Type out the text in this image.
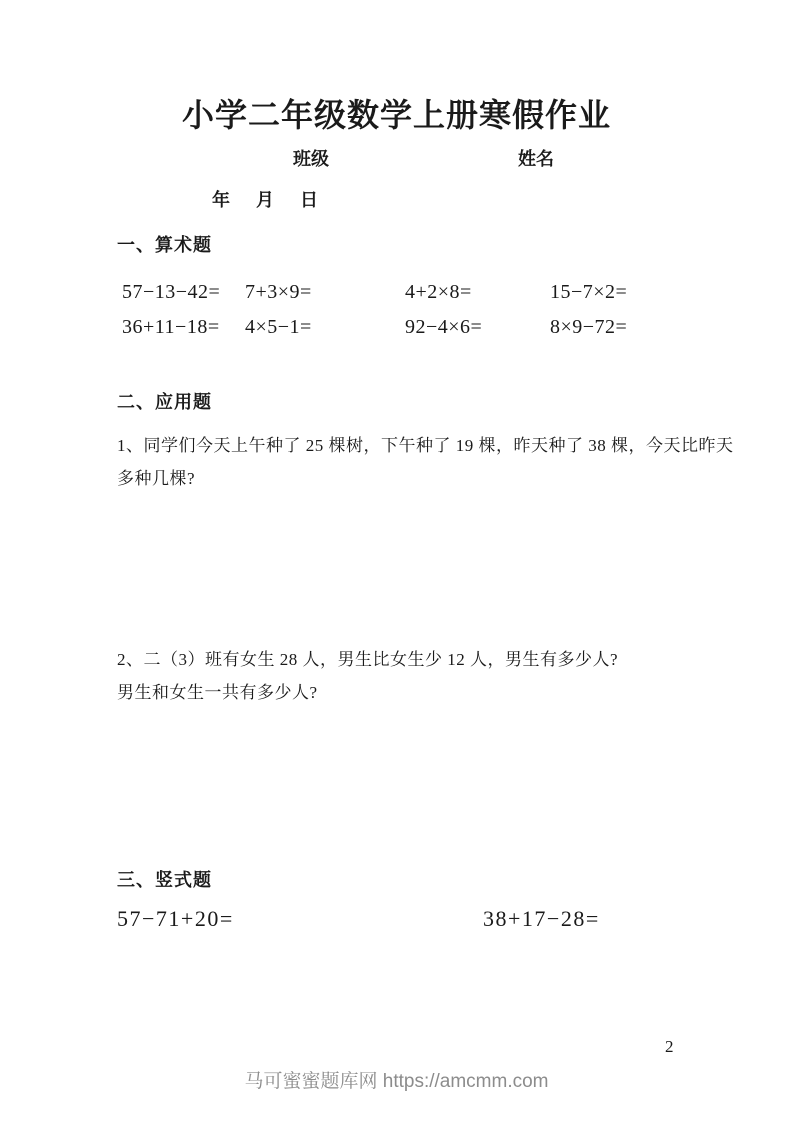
小学二年级数学上册寒假作业
班级	姓名
年 月 日
一、算术题
57−13−42= 7+3×9=	4+2×8=	15−7×2=
36+11−18= 4×5−1=	92−4×6=	8×9−72=
二、应用题
1、同学们今天上午种了 25 棵树，下午种了 19 棵，昨天种了 38 棵，今天比昨天
多种几棵?
2、二（3）班有女生 28 人，男生比女生少 12 人，男生有多少人?
男生和女生一共有多少人?
三、竖式题
57−71+20=	38+17−28=
2
马可蜜蜜题库网 https://amcmm.com
